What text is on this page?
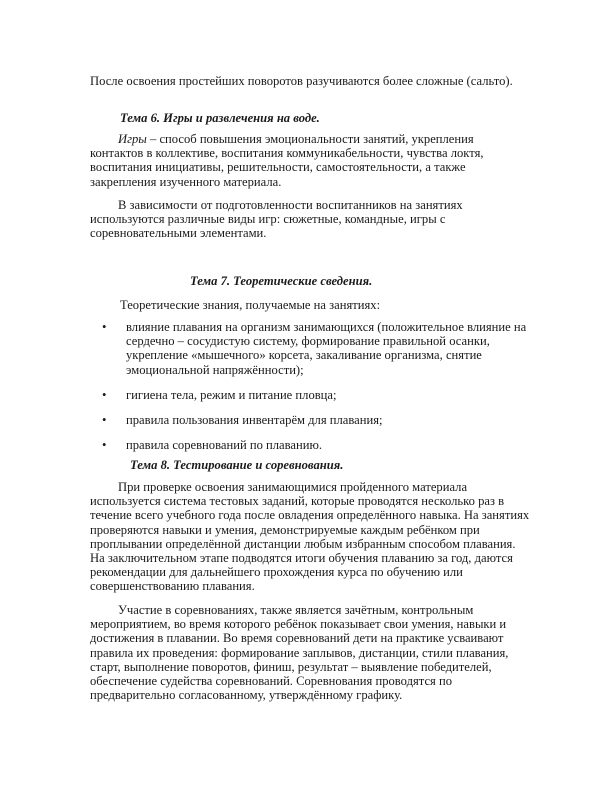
После освоения простейших поворотов разучиваются более сложные (сальто).

Тема 6. Игры и развлечения на воде.

Игры – способ повышения эмоциональности занятий, укрепления контактов в коллективе, воспитания коммуникабельности, чувства локтя, воспитания инициативы, решительности, самостоятельности, а также закрепления изученного материала.

В зависимости от подготовленности воспитанников на занятиях используются различные виды игр: сюжетные, командные, игры с соревновательными элементами.

Тема 7. Теоретические сведения.

Теоретические знания, получаемые на занятиях:

• влияние плавания на организм занимающихся (положительное влияние на сердечно – сосудистую систему, формирование правильной осанки, укрепление «мышечного» корсета, закаливание организма, снятие эмоциональной напряжённости);
• гигиена тела, режим и питание пловца;
• правила пользования инвентарём для плавания;
• правила соревнований по плаванию.

Тема 8. Тестирование и соревнования.

При проверке освоения занимающимися пройденного материала используется система тестовых заданий, которые проводятся несколько раз в течение всего учебного года после овладения определённого навыка. На занятиях проверяются навыки и умения, демонстрируемые каждым ребёнком при проплывании определённой дистанции любым избранным способом плавания. На заключительном этапе подводятся итоги обучения плаванию за год, даются рекомендации для дальнейшего прохождения курса по обучению или совершенствованию плавания.

Участие в соревнованиях, также является зачётным, контрольным мероприятием, во время которого ребёнок показывает свои умения, навыки и достижения в плавании. Во время соревнований дети на практике усваивают правила их проведения: формирование заплывов, дистанции, стили плавания, старт, выполнение поворотов, финиш, результат – выявление победителей, обеспечение судейства соревнований. Соревнования проводятся по предварительно согласованному, утверждённому графику.
